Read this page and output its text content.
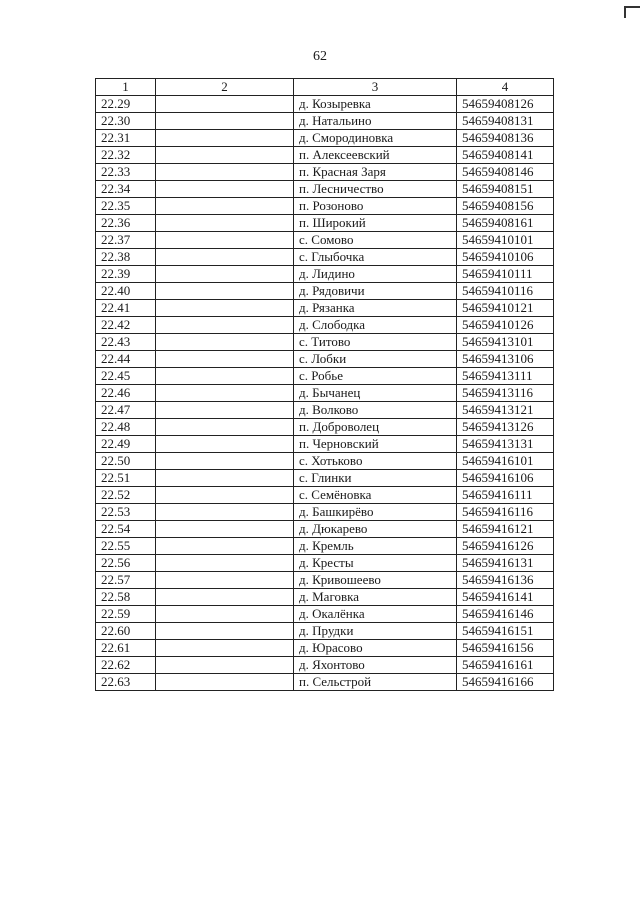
62
1	2	3	4
22.29		д. Козыревка	54659408126
22.30		д. Натальино	54659408131
22.31		д. Смородиновка	54659408136
22.32		п. Алексеевский	54659408141
22.33		п. Красная Заря	54659408146
22.34		п. Лесничество	54659408151
22.35		п. Розоново	54659408156
22.36		п. Широкий	54659408161
22.37		с. Сомово	54659410101
22.38		с. Глыбочка	54659410106
22.39		д. Лидино	54659410111
22.40		д. Рядовичи	54659410116
22.41		д. Рязанка	54659410121
22.42		д. Слободка	54659410126
22.43		с. Титово	54659413101
22.44		с. Лобки	54659413106
22.45		с. Робье	54659413111
22.46		д. Бычанец	54659413116
22.47		д. Волково	54659413121
22.48		п. Доброволец	54659413126
22.49		п. Черновский	54659413131
22.50		с. Хотьково	54659416101
22.51		с. Глинки	54659416106
22.52		с. Семёновка	54659416111
22.53		д. Башкирёво	54659416116
22.54		д. Дюкарево	54659416121
22.55		д. Кремль	54659416126
22.56		д. Кресты	54659416131
22.57		д. Кривошеево	54659416136
22.58		д. Маговка	54659416141
22.59		д. Окалёнка	54659416146
22.60		д. Прудки	54659416151
22.61		д. Юрасово	54659416156
22.62		д. Яхонтово	54659416161
22.63		п. Сельстрой	54659416166
